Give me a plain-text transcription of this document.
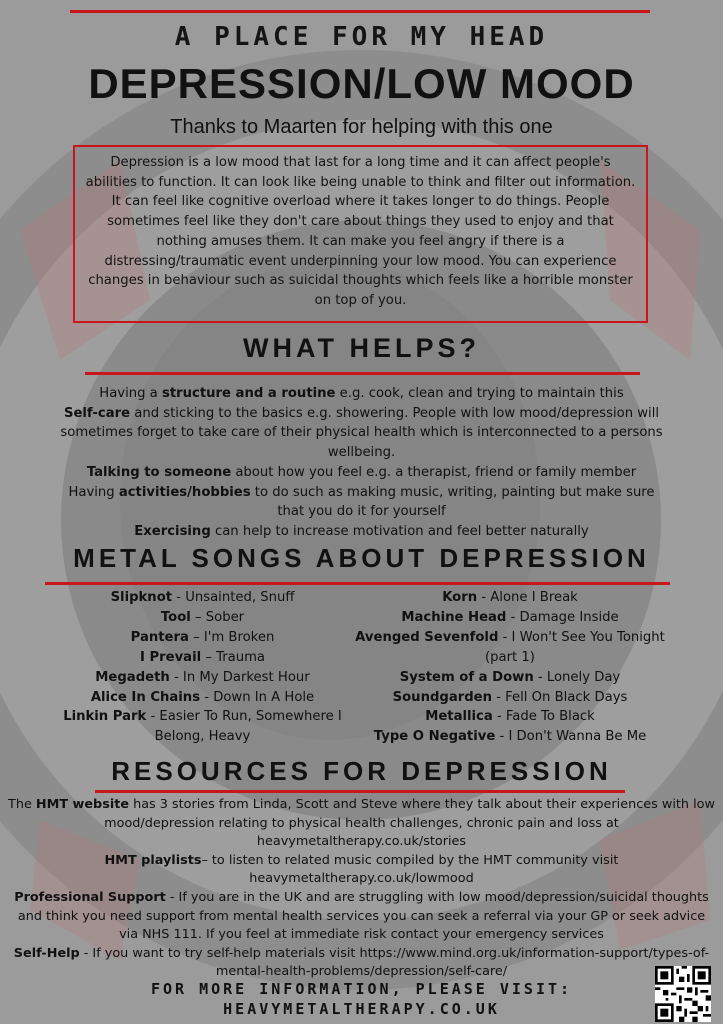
A PLACE FOR MY HEAD
DEPRESSION/LOW MOOD
Thanks to Maarten for helping with this one
Depression is a low mood that last for a long time and it can affect people's abilities to function. It can look like being unable to think and filter out information. It can feel like cognitive overload where it takes longer to do things. People sometimes feel like they don't care about things they used to enjoy and that nothing amuses them. It can make you feel angry if there is a distressing/traumatic event underpinning your low mood. You can experience changes in behaviour such as suicidal thoughts which feels like a horrible monster on top of you.
WHAT HELPS?
Having a structure and a routine e.g. cook, clean and trying to maintain this
Self-care and sticking to the basics e.g. showering. People with low mood/depression will sometimes forget to take care of their physical health which is interconnected to a persons wellbeing.
Talking to someone about how you feel e.g. a therapist, friend or family member
Having activities/hobbies to do such as making music, writing, painting but make sure that you do it for yourself
Exercising can help to increase motivation and feel better naturally
METAL SONGS ABOUT DEPRESSION
Slipknot - Unsainted, Snuff
Tool – Sober
Pantera – I'm Broken
I Prevail – Trauma
Megadeth - In My Darkest Hour
Alice In Chains - Down In A Hole
Linkin Park - Easier To Run, Somewhere I Belong, Heavy
Korn - Alone I Break
Machine Head - Damage Inside
Avenged Sevenfold - I Won't See You Tonight (part 1)
System of a Down - Lonely Day
Soundgarden - Fell On Black Days
Metallica - Fade To Black
Type O Negative - I Don't Wanna Be Me
RESOURCES FOR DEPRESSION
The HMT website has 3 stories from Linda, Scott and Steve where they talk about their experiences with low mood/depression relating to physical health challenges, chronic pain and loss at heavymetaltherapy.co.uk/stories
HMT playlists– to listen to related music compiled by the HMT community visit heavymetaltherapy.co.uk/lowmood
Professional Support - If you are in the UK and are struggling with low mood/depression/suicidal thoughts and think you need support from mental health services you can seek a referral via your GP or seek advice via NHS 111. If you feel at immediate risk contact your emergency services
Self-Help - If you want to try self-help materials visit https://www.mind.org.uk/information-support/types-of-mental-health-problems/depression/self-care/
FOR MORE INFORMATION, PLEASE VISIT:
HEAVYMETALTHERAPY.CO.UK
